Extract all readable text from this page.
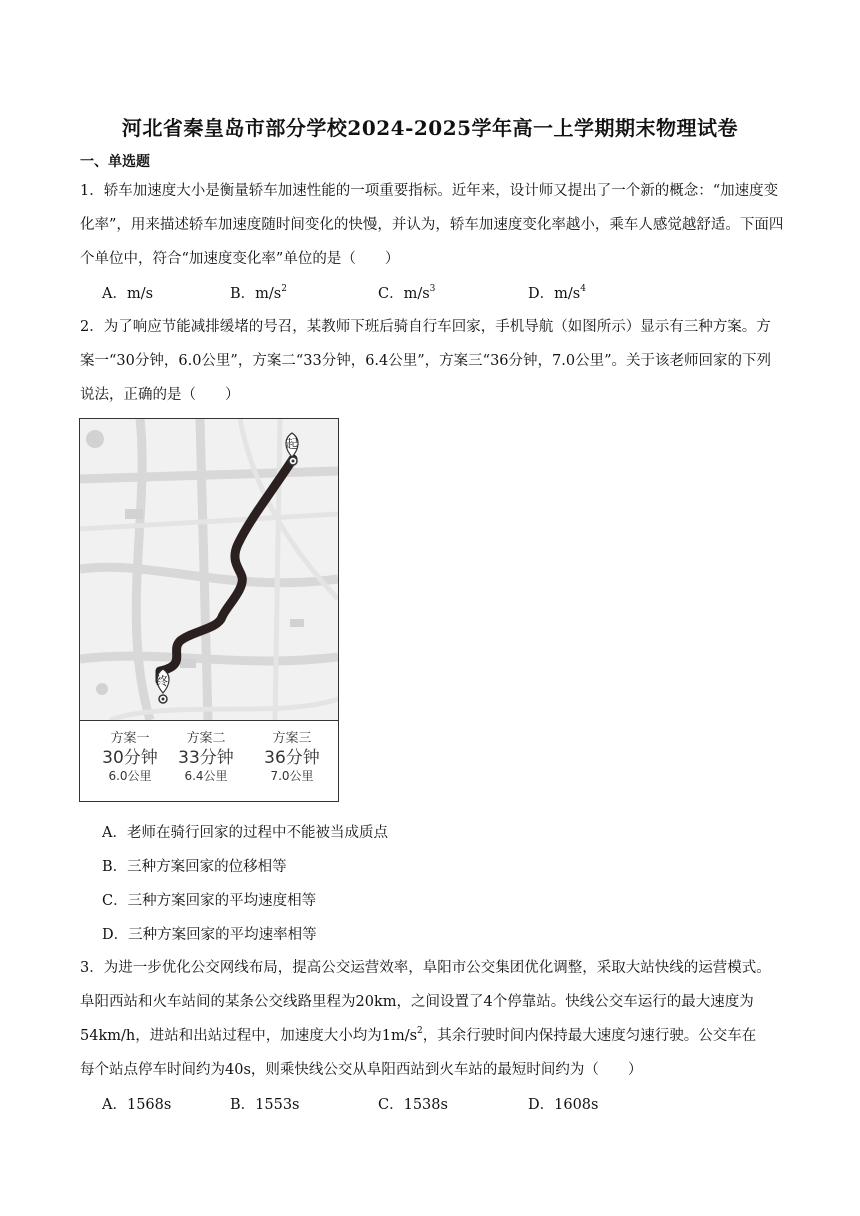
河北省秦皇岛市部分学校2024-2025学年高一上学期期末物理试卷
一、单选题
1．轿车加速度大小是衡量轿车加速性能的一项重要指标。近年来，设计师又提出了一个新的概念：“加速度变化率”，用来描述轿车加速度随时间变化的快慢，并认为，轿车加速度变化率越小，乘车人感觉越舒适。下面四个单位中，符合“加速度变化率”单位的是（　　）
A．m/s	B．$m/s^2$	C．$m/s^3$	D．$m/s^4$
2．为了响应节能减排缓堵的号召，某教师下班后骑自行车回家，手机导航（如图所示）显示有三种方案。方案一“30分钟，6.0公里”，方案二“33分钟，6.4公里”，方案三“36分钟，7.0公里”。关于该老师回家的下列说法，正确的是（　　）
起
终
方案一
30分钟
6.0公里
方案二
33分钟
6.4公里
方案三
36分钟
7.0公里
A．老师在骑行回家的过程中不能被当成质点
B．三种方案回家的位移相等
C．三种方案回家的平均速度相等
D．三种方案回家的平均速率相等
3．为进一步优化公交网线布局，提高公交运营效率，阜阳市公交集团优化调整，采取大站快线的运营模式。阜阳西站和火车站间的某条公交线路里程为20km，之间设置了4个停靠站。快线公交车运行的最大速度为
54km/h，进站和出站过程中，加速度大小均为$1m/s^2$，其余行驶时间内保持最大速度匀速行驶。公交车在
每个站点停车时间约为40s，则乘快线公交从阜阳西站到火车站的最短时间约为（　　）
A．1568s	B．1553s	C．1538s	D．1608s
